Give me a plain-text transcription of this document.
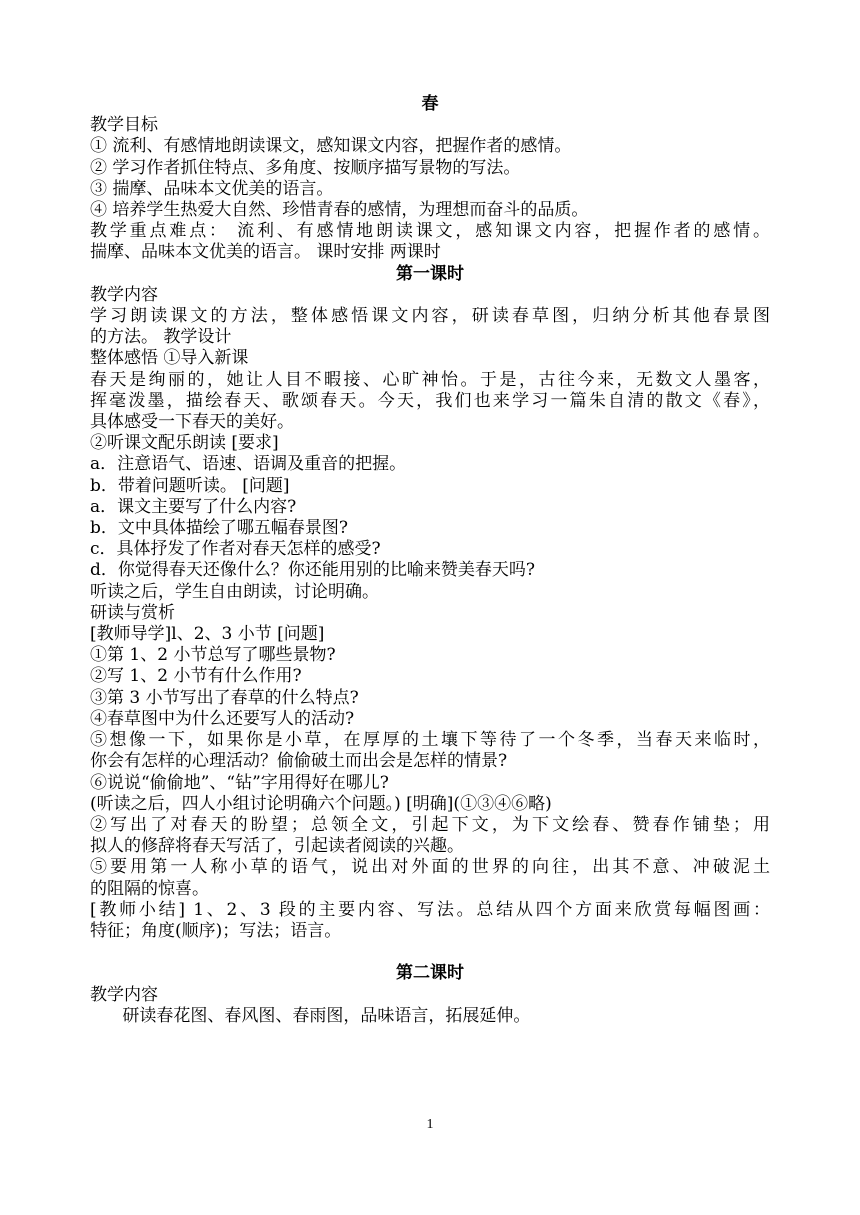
春
教学目标
① 流利、有感情地朗读课文，感知课文内容，把握作者的感情。
② 学习作者抓住特点、多角度、按顺序描写景物的写法。
③ 揣摩、品味本文优美的语言。
④ 培养学生热爱大自然、珍惜青春的感情，为理想而奋斗的品质。
教学重点难点： 流利、有感情地朗读课文，感知课文内容，把握作者的感情。
揣摩、品味本文优美的语言。 课时安排 两课时
第一课时
教学内容
学习朗读课文的方法，整体感悟课文内容，研读春草图，归纳分析其他春景图
的方法。 教学设计
整体感悟 ①导入新课
春天是绚丽的，她让人目不暇接、心旷神怡。于是，古往今来，无数文人墨客，
挥毫泼墨，描绘春天、歌颂春天。今天，我们也来学习一篇朱自清的散文《春》，
具体感受一下春天的美好。
②听课文配乐朗读 [要求]
a．注意语气、语速、语调及重音的把握。
b．带着问题听读。 [问题]
a．课文主要写了什么内容?
b．文中具体描绘了哪五幅春景图?
c．具体抒发了作者对春天怎样的感受?
d．你觉得春天还像什么？你还能用别的比喻来赞美春天吗?
听读之后，学生自由朗读，讨论明确。
研读与赏析
[教师导学]l、2、3 小节 [问题]
①第 1、2 小节总写了哪些景物?
②写 1、2 小节有什么作用?
③第 3 小节写出了春草的什么特点?
④春草图中为什么还要写人的活动?
⑤想像一下，如果你是小草，在厚厚的土壤下等待了一个冬季，当春天来临时，
你会有怎样的心理活动？偷偷破土而出会是怎样的情景?
⑥说说“偷偷地”、“钻”字用得好在哪儿?
(听读之后，四人小组讨论明确六个问题。) [明确](①③④⑥略)
②写出了对春天的盼望；总领全文，引起下文，为下文绘春、赞春作铺垫；用
拟人的修辞将春天写活了，引起读者阅读的兴趣。
⑤要用第一人称小草的语气，说出对外面的世界的向往，出其不意、冲破泥土
的阻隔的惊喜。
[教师小结] 1、2、3 段的主要内容、写法。总结从四个方面来欣赏每幅图画：
特征；角度(顺序)；写法；语言。
第二课时
教学内容
研读春花图、春风图、春雨图，品味语言，拓展延伸。
1
